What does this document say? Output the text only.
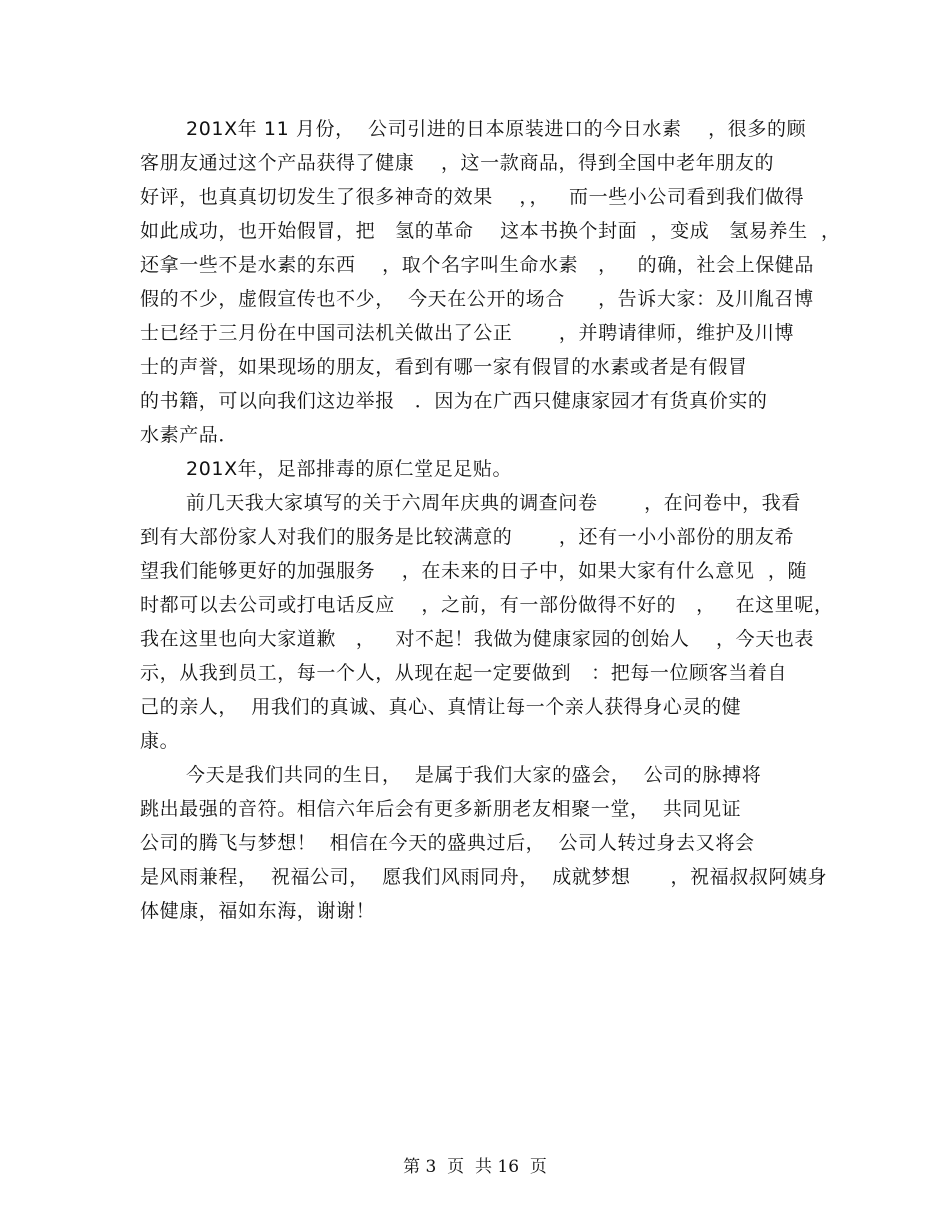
201X年 11 月份，  公司引进的日本原装进口的今日水素    ，很多的顾
客朋友通过这个产品获得了健康    ，这一款商品，得到全国中老年朋友的
好评，也真真切切发生了很多神奇的效果    ，，   而一些小公司看到我们做得
如此成功，也开始假冒，把   氢的革命    这本书换个封面  ，变成   氢易养生  ，
还拿一些不是水素的东西    ，取个名字叫生命水素   ，   的确，社会上保健品
假的不少，虚假宣传也不少，  今天在公开的场合     ，告诉大家：及川胤召博
士已经于三月份在中国司法机关做出了公正       ，并聘请律师，维护及川博
士的声誉，如果现场的朋友，看到有哪一家有假冒的水素或者是有假冒
的书籍，可以向我们这边举报   ．因为在广西只健康家园才有货真价实的
水素产品．
201X年，足部排毒的原仁堂足足贴。
前几天我大家填写的关于六周年庆典的调查问卷       ，在问卷中，我看
到有大部份家人对我们的服务是比较满意的       ，还有一小小部份的朋友希
望我们能够更好的加强服务    ，在未来的日子中，如果大家有什么意见  ，随
时都可以去公司或打电话反应    ，之前，有一部份做得不好的   ，   在这里呢，
我在这里也向大家道歉   ，   对不起！我做为健康家园的创始人    ，今天也表
示，从我到员工，每一个人，从现在起一定要做到   ：把每一位顾客当着自
己的亲人，  用我们的真诚、真心、真情让每一个亲人获得身心灵的健
康。
今天是我们共同的生日，  是属于我们大家的盛会，  公司的脉搏将
跳出最强的音符。相信六年后会有更多新朋老友相聚一堂，  共同见证
公司的腾飞与梦想！  相信在今天的盛典过后，  公司人转过身去又将会
是风雨兼程，  祝福公司，  愿我们风雨同舟，  成就梦想      ，祝福叔叔阿姨身
体健康，福如东海，谢谢！
第 3  页  共 16  页
